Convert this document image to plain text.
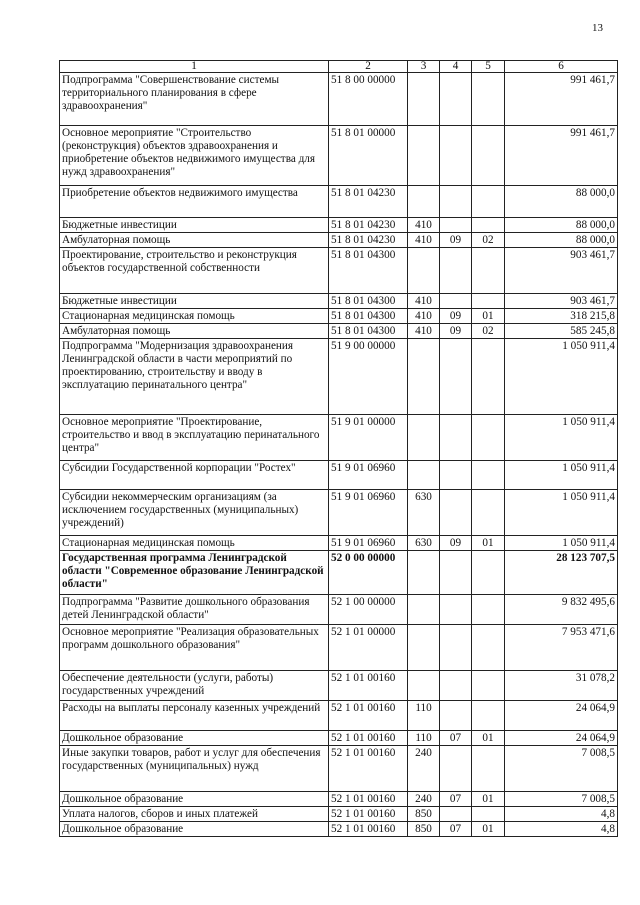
13
1	2	3	4	5	6
Подпрограмма "Совершенствование системы территориального планирования в сфере здравоохранения"	51 8 00 00000				991 461,7
Основное мероприятие "Строительство (реконструкция) объектов здравоохранения и приобретение объектов недвижимого имущества для нужд здравоохранения"	51 8 01 00000				991 461,7
Приобретение объектов недвижимого имущества	51 8 01 04230				88 000,0
Бюджетные инвестиции	51 8 01 04230	410			88 000,0
Амбулаторная помощь	51 8 01 04230	410	09	02	88 000,0
Проектирование, строительство и реконструкция объектов государственной собственности	51 8 01 04300				903 461,7
Бюджетные инвестиции	51 8 01 04300	410			903 461,7
Стационарная медицинская помощь	51 8 01 04300	410	09	01	318 215,8
Амбулаторная помощь	51 8 01 04300	410	09	02	585 245,8
Подпрограмма "Модернизация здравоохранения Ленинградской области в части мероприятий по проектированию, строительству и вводу в эксплуатацию перинатального центра"	51 9 00 00000				1 050 911,4
Основное мероприятие "Проектирование, строительство и ввод в эксплуатацию перинатального центра"	51 9 01 00000				1 050 911,4
Субсидии Государственной корпорации "Ростех"	51 9 01 06960				1 050 911,4
Субсидии некоммерческим организациям (за исключением государственных (муниципальных) учреждений)	51 9 01 06960	630			1 050 911,4
Стационарная медицинская помощь	51 9 01 06960	630	09	01	1 050 911,4
Государственная программа Ленинградской области "Современное образование Ленинградской области"	52 0 00 00000				28 123 707,5
Подпрограмма "Развитие дошкольного образования детей Ленинградской области"	52 1 00 00000				9 832 495,6
Основное мероприятие "Реализация образовательных программ дошкольного образования"	52 1 01 00000				7 953 471,6
Обеспечение деятельности (услуги, работы) государственных учреждений	52 1 01 00160				31 078,2
Расходы на выплаты персоналу казенных учреждений	52 1 01 00160	110			24 064,9
Дошкольное образование	52 1 01 00160	110	07	01	24 064,9
Иные закупки товаров, работ и услуг для обеспечения государственных (муниципальных) нужд	52 1 01 00160	240			7 008,5
Дошкольное образование	52 1 01 00160	240	07	01	7 008,5
Уплата налогов, сборов и иных платежей	52 1 01 00160	850			4,8
Дошкольное образование	52 1 01 00160	850	07	01	4,8
